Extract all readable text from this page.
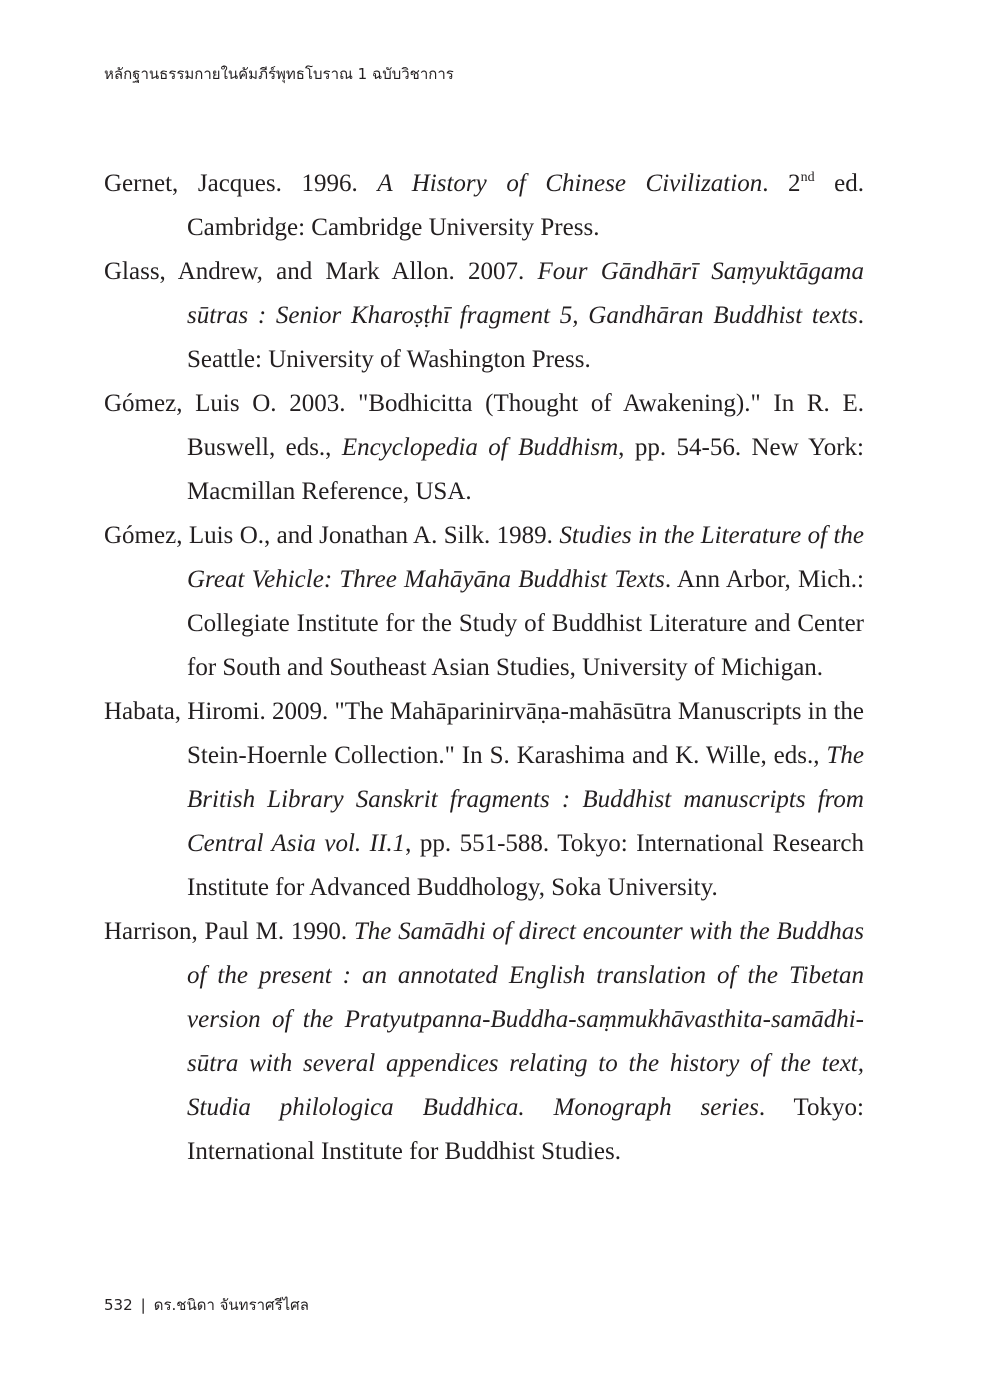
หลักฐานธรรมกายในคัมภีร์พุทธโบราณ 1 ฉบับวิชาการ

Gernet, Jacques. 1996. A History of Chinese Civilization. 2nd ed. Cambridge: Cambridge University Press.

Glass, Andrew, and Mark Allon. 2007. Four Gāndhārī Saṃyuktāgama sūtras : Senior Kharoṣṭhī fragment 5, Gandhāran Buddhist texts. Seattle: University of Washington Press.

Gómez, Luis O. 2003. "Bodhicitta (Thought of Awakening)." In R. E. Buswell, eds., Encyclopedia of Buddhism, pp. 54-56. New York: Macmillan Reference, USA.

Gómez, Luis O., and Jonathan A. Silk. 1989. Studies in the Literature of the Great Vehicle: Three Mahāyāna Buddhist Texts. Ann Arbor, Mich.: Collegiate Institute for the Study of Buddhist Literature and Center for South and Southeast Asian Studies, University of Michigan.

Habata, Hiromi. 2009. "The Mahāparinirvāṇa-mahāsūtra Manuscripts in the Stein-Hoernle Collection." In S. Karashima and K. Wille, eds., The British Library Sanskrit fragments : Buddhist manuscripts from Central Asia vol. II.1, pp. 551-588. Tokyo: International Research Institute for Advanced Buddhology, Soka University.

Harrison, Paul M. 1990. The Samādhi of direct encounter with the Buddhas of the present : an annotated English translation of the Tibetan version of the Pratyutpanna-Buddha-saṃmukhāvasthita-samādhi-sūtra with several appendices relating to the history of the text, Studia philologica Buddhica. Monograph series. Tokyo: International Institute for Buddhist Studies.

532 | ดร.ชนิดา จันทราศรีไศล
